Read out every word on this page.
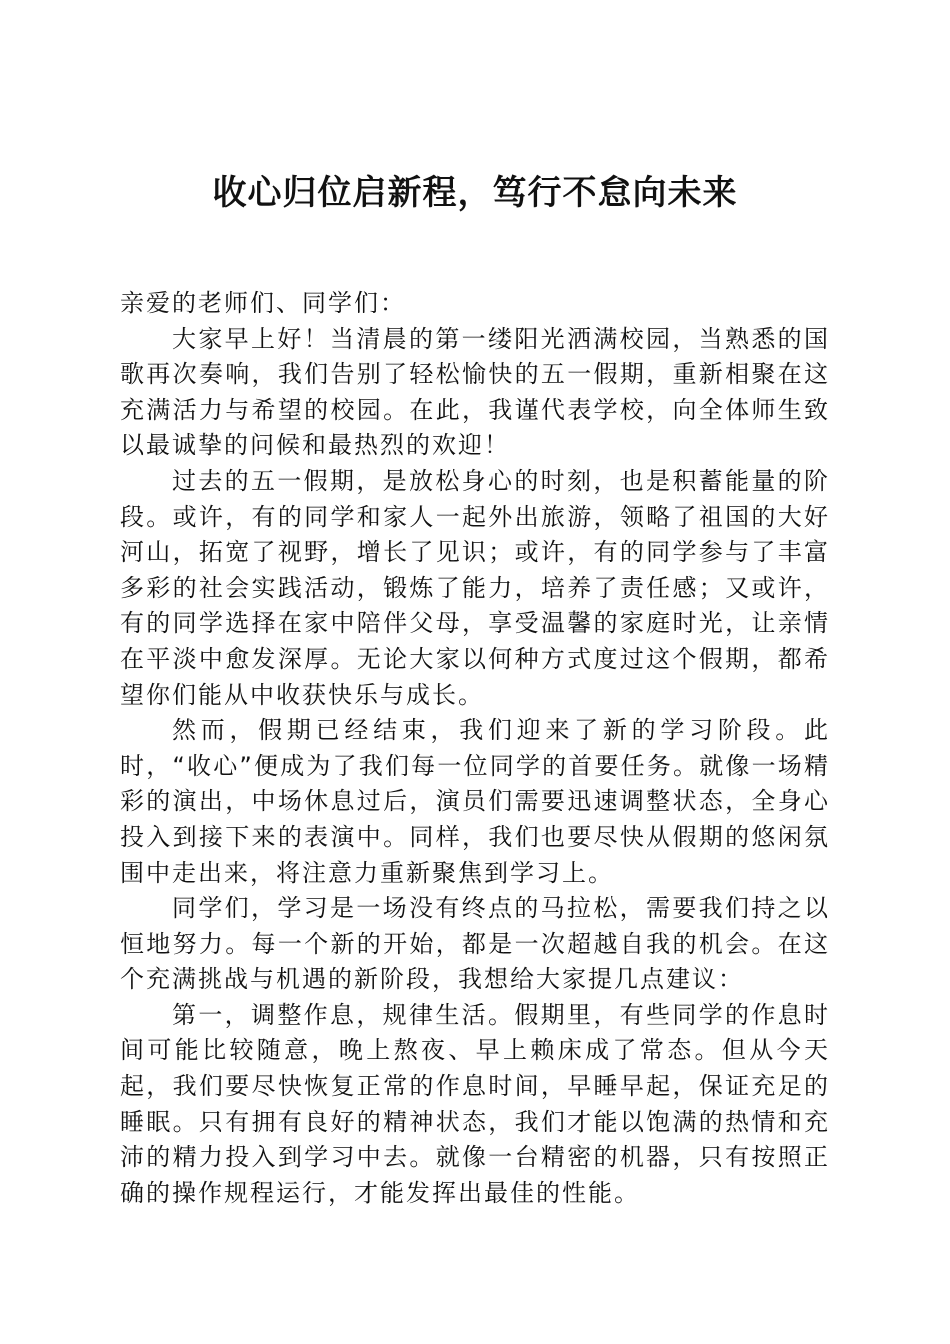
收心归位启新程，笃行不怠向未来

亲爱的老师们、同学们：

大家早上好！当清晨的第一缕阳光洒满校园，当熟悉的国歌再次奏响，我们告别了轻松愉快的五一假期，重新相聚在这充满活力与希望的校园。在此，我谨代表学校，向全体师生致以最诚挚的问候和最热烈的欢迎！

过去的五一假期，是放松身心的时刻，也是积蓄能量的阶段。或许，有的同学和家人一起外出旅游，领略了祖国的大好河山，拓宽了视野，增长了见识；或许，有的同学参与了丰富多彩的社会实践活动，锻炼了能力，培养了责任感；又或许，有的同学选择在家中陪伴父母，享受温馨的家庭时光，让亲情在平淡中愈发深厚。无论大家以何种方式度过这个假期，都希望你们能从中收获快乐与成长。

然而，假期已经结束，我们迎来了新的学习阶段。此时，“收心”便成为了我们每一位同学的首要任务。就像一场精彩的演出，中场休息过后，演员们需要迅速调整状态，全身心投入到接下来的表演中。同样，我们也要尽快从假期的悠闲氛围中走出来，将注意力重新聚焦到学习上。

同学们，学习是一场没有终点的马拉松，需要我们持之以恒地努力。每一个新的开始，都是一次超越自我的机会。在这个充满挑战与机遇的新阶段，我想给大家提几点建议：

第一，调整作息，规律生活。假期里，有些同学的作息时间可能比较随意，晚上熬夜、早上赖床成了常态。但从今天起，我们要尽快恢复正常的作息时间，早睡早起，保证充足的睡眠。只有拥有良好的精神状态，我们才能以饱满的热情和充沛的精力投入到学习中去。就像一台精密的机器，只有按照正确的操作规程运行，才能发挥出最佳的性能。
